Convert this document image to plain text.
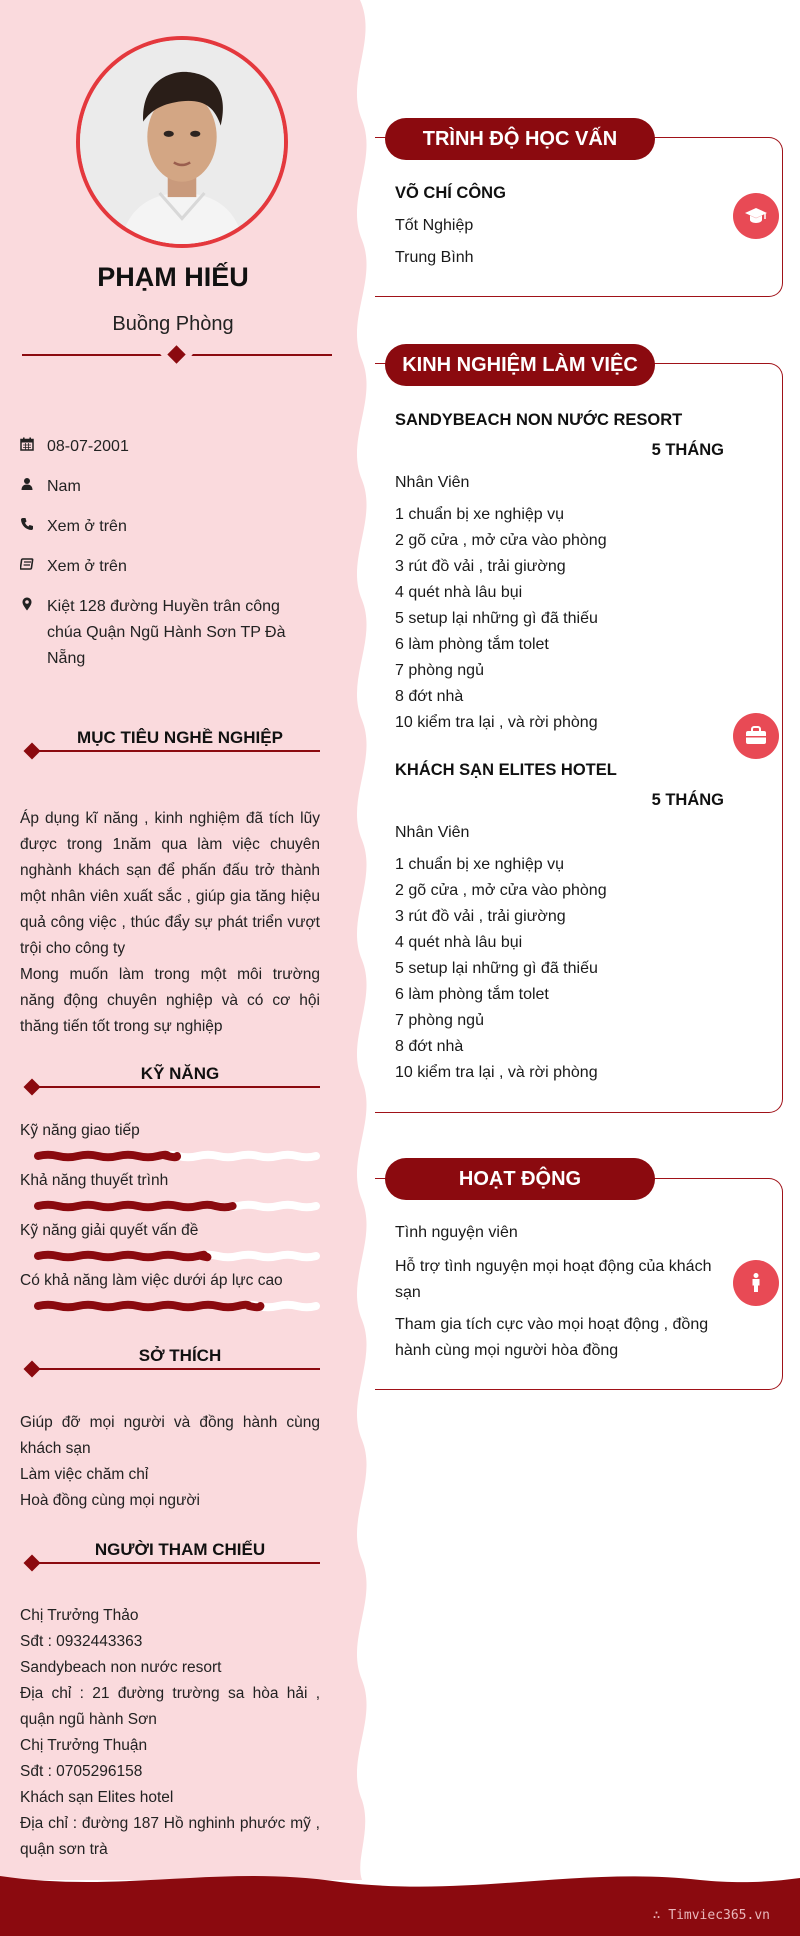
PHẠM HIẾU
Buồng Phòng
08-07-2001
Nam
Xem ở trên
Xem ở trên
Kiệt 128 đường Huyền trân công chúa Quận Ngũ Hành Sơn TP Đà Nẵng
MỤC TIÊU NGHỀ NGHIỆP
Áp dụng kĩ năng , kinh nghiệm đã tích lũy được trong 1năm qua làm việc chuyên nghành khách sạn để phấn đấu trở thành một nhân viên xuất sắc , giúp gia tăng hiệu quả công việc , thúc đẩy sự phát triển vượt trội cho công ty
Mong muốn làm trong một môi trường năng động chuyên nghiệp và có cơ hội thăng tiến tốt trong sự nghiệp
KỸ NĂNG
Kỹ năng giao tiếp
Khả năng thuyết trình
Kỹ năng giải quyết vấn đề
Có khả năng làm việc dưới áp lực cao
SỞ THÍCH
Giúp đỡ mọi người và đồng hành cùng khách sạn
Làm việc chăm chỉ
Hoà đồng cùng mọi người
NGƯỜI THAM CHIẾU
Chị Trưởng Thảo
Sđt : 0932443363
Sandybeach non nước resort
Địa chỉ : 21 đường trường sa hòa hải , quận ngũ hành Sơn
Chị Trưởng Thuận
Sđt : 0705296158
Khách sạn Elites hotel
Địa chỉ : đường 187 Hồ nghinh phước mỹ , quận sơn trà
TRÌNH ĐỘ HỌC VẤN
VÕ CHÍ CÔNG
Tốt Nghiệp
Trung Bình
KINH NGHIỆM LÀM VIỆC
SANDYBEACH NON NƯỚC RESORT
5 THÁNG
Nhân Viên
1 chuẩn bị xe nghiệp vụ
2 gõ cửa , mở cửa vào phòng
3 rút đồ vải , trải giường
4 quét nhà lâu bụi
5 setup lại những gì đã thiếu
6 làm phòng tắm tolet
7 phòng ngủ
8 đớt nhà
10 kiểm tra lại , và rời phòng
KHÁCH SẠN ELITES HOTEL
5 THÁNG
Nhân Viên
1 chuẩn bị xe nghiệp vụ
2 gõ cửa , mở cửa vào phòng
3 rút đồ vải , trải giường
4 quét nhà lâu bụi
5 setup lại những gì đã thiếu
6 làm phòng tắm tolet
7 phòng ngủ
8 đớt nhà
10 kiểm tra lại , và rời phòng
HOẠT ĐỘNG
Tình nguyện viên
Hỗ trợ tình nguyện mọi hoạt động của khách sạn
Tham gia tích cực vào mọi hoạt động , đồng hành cùng mọi người hòa đồng
∴ Timviec365.vn
